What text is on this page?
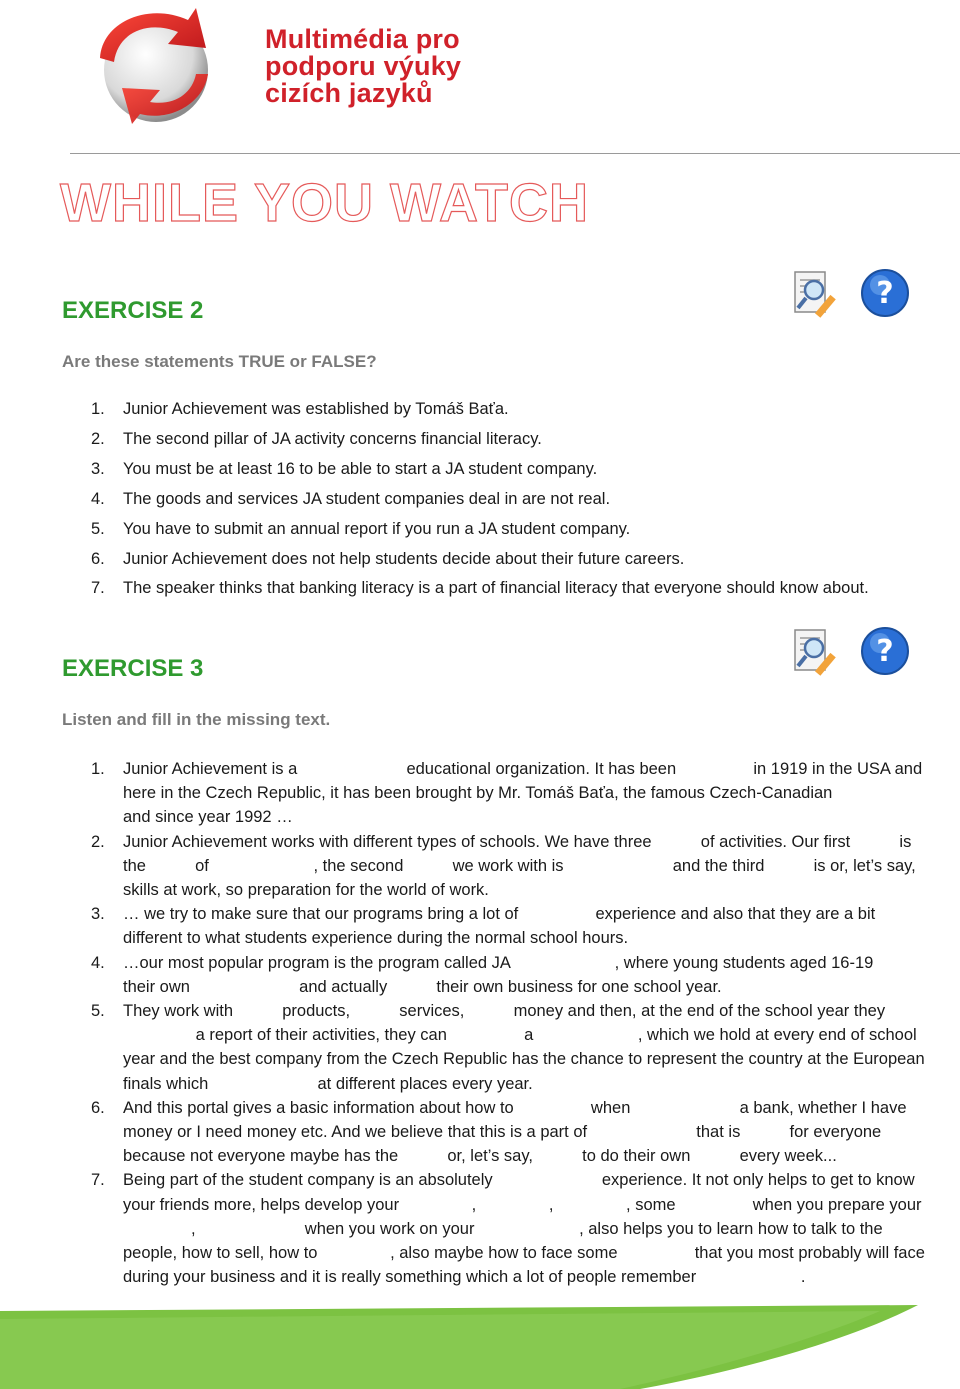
Multimédia pro
podporu výuky
cizích jazyků
WHILE YOU WATCH
EXERCISE 2	?
Are these statements TRUE or FALSE?
1. Junior Achievement was established by Tomáš Baťa.
2. The second pillar of JA activity concerns financial literacy.
3. You must be at least 16 to be able to start a JA student company.
4. The goods and services JA student companies deal in are not real.
5. You have to submit an annual report if you run a JA student company.
6. Junior Achievement does not help students decide about their future careers.
7. The speaker thinks that banking literacy is a part of financial literacy that everyone should know about.
EXERCISE 3	?
Listen and fill in the missing text.
1. Junior Achievement is a	educational organization. It has been	in 1919 in the USA and here in the Czech Republic, it has been brought by Mr. Tomáš Baťa, the famous Czech-Canadian  and since year 1992 …
2. Junior Achievement works with different types of schools. We have three	of activities. Our first	is the	of	, the second	we work with is	and the third	is or, let’s say, skills at work, so preparation for the world of work.
3. … we try to make sure that our programs bring a lot of	experience and also that they are a bit different to what students experience during the normal school hours.
4. …our most popular program is the program called JA	, where young students aged 16-19  their own	and actually	their own business for one school year.
5. They work with	products,	services,	money and then, at the end of the school year they  a report of their activities, they can	a	, which we hold at every end of school year and the best company from the Czech Republic has the chance to represent the country at the European finals which	at different places every year.
6. And this portal gives a basic information about how to	when	a bank, whether I have money or I need money etc. And we believe that this is a part of	that is	for everyone because not everyone maybe has the	or, let’s say,	to do their own	every week...
7. Being part of the student company is an absolutely	experience. It not only helps to get to know your friends more, helps develop your	,	,	, some	when you prepare your ,	when you work on your	, also helps you to learn how to talk to the people, how to sell, how to	, also maybe how to face some	that you most probably will face during your business and it is really something which a lot of people remember	.
